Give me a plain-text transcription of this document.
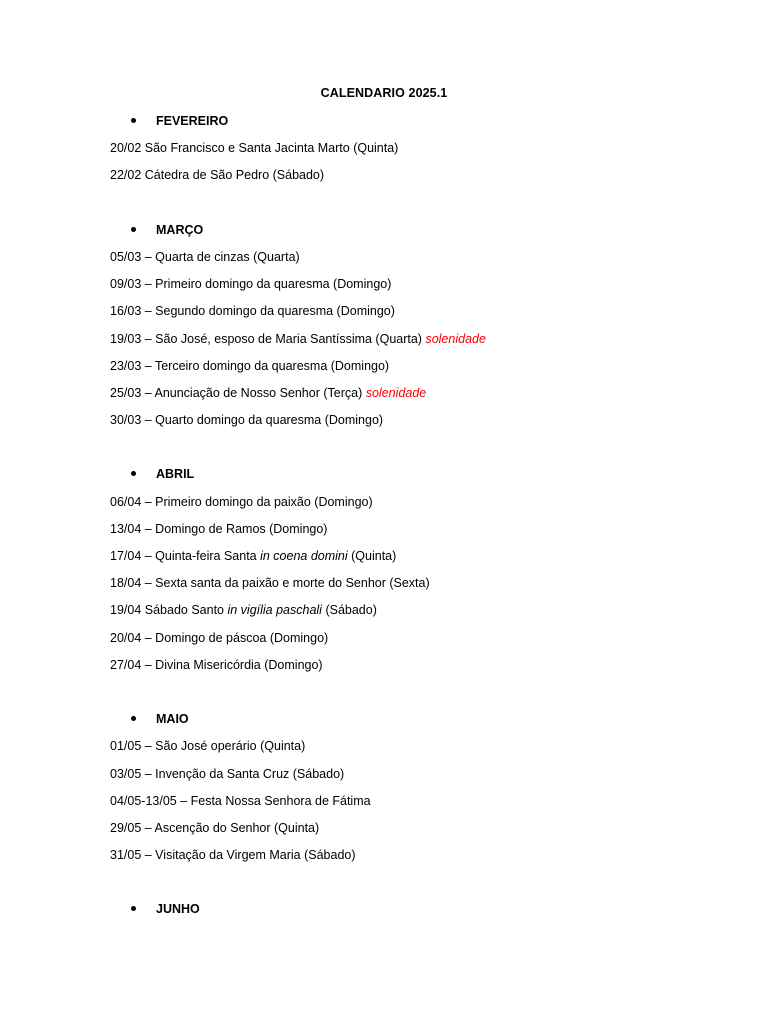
CALENDARIO 2025.1
FEVEREIRO
20/02 São Francisco e Santa Jacinta Marto (Quinta)
22/02 Cátedra de São Pedro (Sábado)
MARÇO
05/03 – Quarta de cinzas (Quarta)
09/03 – Primeiro domingo da quaresma (Domingo)
16/03 – Segundo domingo da quaresma (Domingo)
19/03 – São José, esposo de Maria Santíssima (Quarta) solenidade
23/03 – Terceiro domingo da quaresma (Domingo)
25/03 – Anunciação de Nosso Senhor (Terça) solenidade
30/03 – Quarto domingo da quaresma (Domingo)
ABRIL
06/04 – Primeiro domingo da paixão (Domingo)
13/04 – Domingo de Ramos (Domingo)
17/04 – Quinta-feira Santa in coena domini (Quinta)
18/04 – Sexta santa da paixão e morte do Senhor (Sexta)
19/04 Sábado Santo in vigília paschali (Sábado)
20/04 – Domingo de páscoa (Domingo)
27/04 – Divina Misericórdia (Domingo)
MAIO
01/05 – São José operário (Quinta)
03/05 – Invenção da Santa Cruz (Sábado)
04/05-13/05 – Festa Nossa Senhora de Fátima
29/05 – Ascenção do Senhor (Quinta)
31/05 – Visitação da Virgem Maria (Sábado)
JUNHO
